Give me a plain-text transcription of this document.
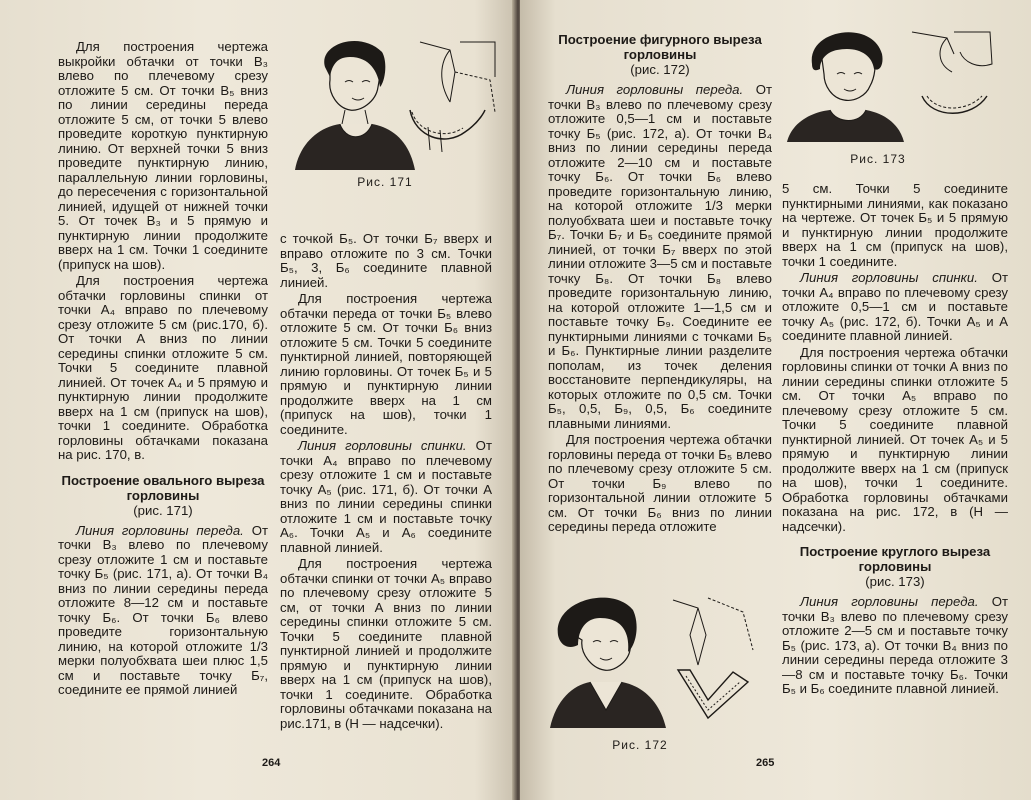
Для построения чертежа выкройки обтачки от точки В₃ влево по плечевому срезу отложите 5 см. От точки В₅ вниз по линии середины переда отложите 5 см, от точки 5 влево проведите короткую пунктирную линию. От верхней точки 5 вниз проведите пунктирную линию, параллельную линии горловины, до пересечения с горизонтальной линией, идущей от нижней точки 5. От точек В₃ и 5 прямую и пунктирную линии продолжите вверх на 1 см. Точки 1 соедините (припуск на шов).

Для построения чертежа обтачки горловины спинки от точки А₄ вправо по плечевому срезу отложите 5 см (рис.170, б). От точки А вниз по линии середины спинки отложите 5 см. Точки 5 соедините плавной линией. От точек А₄ и 5 прямую и пунктирную линии продолжите вверх на 1 см (припуск на шов), точки 1 соедините. Обработка горловины обтачками показана на рис. 170, в.

Построение овального выреза горловины
(рис. 171)

Линия горловины переда. От точки В₃ влево по плечевому срезу отложите 1 см и поставьте точку Б₅ (рис. 171, а). От точки В₄ вниз по линии середины переда отложите 8—12 см и поставьте точку Б₆. От точки Б₆ влево проведите горизонтальную линию, на которой отложите 1/3 мерки полуобхвата шеи плюс 1,5 см и поставьте точку Б₇, соедините ее прямой линией

Рис. 171

с точкой Б₅. От точки Б₇ вверх и вправо отложите по 3 см. Точки Б₅, 3, Б₆ соедините плавной линией.

Для построения чертежа обтачки переда от точки Б₅ влево отложите 5 см. От точки Б₆ вниз отложите 5 см. Точки 5 соедините пунктирной линией, повторяющей линию горловины. От точек Б₅ и 5 прямую и пунктирную линии продолжите вверх на 1 см (припуск на шов), точки 1 соедините.

Линия горловины спинки. От точки А₄ вправо по плечевому срезу отложите 1 см и поставьте точку А₅ (рис. 171, б). От точки А вниз по линии середины спинки отложите 1 см и поставьте точку А₆. Точки А₅ и А₆ соедините плавной линией.

Для построения чертежа обтачки спинки от точки А₅ вправо по плечевому срезу отложите 5 см, от точки А вниз по линии середины спинки отложите 5 см. Точки 5 соедините плавной пунктирной линией и продолжите прямую и пунктирную линии вверх на 1 см (припуск на шов), точки 1 соедините. Обработка горловины обтачками показана на рис.171, в (Н — надсечки).

264
Построение фигурного выреза горловины
(рис. 172)

Линия горловины переда. От точки В₃ влево по плечевому срезу отложите 0,5—1 см и поставьте точку Б₅ (рис. 172, а). От точки В₄ вниз по линии середины переда отложите 2—10 см и поставьте точку Б₆. От точки Б₆ влево проведите горизонтальную линию, на которой отложите 1/3 мерки полуобхвата шеи и поставьте точку Б₇. Точки Б₇ и Б₅ соедините прямой линией, от точки Б₇ вверх по этой линии отложите 3—5 см и поставьте точку Б₈. От точки Б₈ влево проведите горизонтальную линию, на которой отложите 1—1,5 см и поставьте точку Б₉. Соедините ее пунктирными линиями с точками Б₅ и Б₆. Пунктирные линии разделите пополам, из точек деления восстановите перпендикуляры, на которых отложите по 0,5 см. Точки Б₅, 0,5, Б₉, 0,5, Б₆ соедините плавными линиями.

Для построения чертежа обтачки горловины переда от точки Б₅ влево по плечевому срезу отложите 5 см. От точки Б₉ влево по горизонтальной линии отложите 5 см. От точки Б₆ вниз по линии середины переда отложите

Рис. 172
Рис. 173

5 см. Точки 5 соедините пунктирными линиями, как показано на чертеже. От точек Б₅ и 5 прямую и пунктирную линии продолжите вверх на 1 см (припуск на шов), точки 1 соедините.

Линия горловины спинки. От точки А₄ вправо по плечевому срезу отложите 0,5—1 см и поставьте точку А₅ (рис. 172, б). Точки А₅ и А соедините плавной линией.

Для построения чертежа обтачки горловины спинки от точки А вниз по линии середины спинки отложите 5 см. От точки А₅ вправо по плечевому срезу отложите 5 см. Точки 5 соедините плавной пунктирной линией. От точек А₅ и 5 прямую и пунктирную линии продолжите вверх на 1 см (припуск на шов), точки 1 соедините. Обработка горловины обтачками показана на рис. 172, в (Н — надсечки).

Построение круглого выреза горловины
(рис. 173)

Линия горловины переда. От точки В₃ влево по плечевому срезу отложите 2—5 см и поставьте точку Б₅ (рис. 173, а). От точки В₄ вниз по линии середины переда отложите 3—8 см и поставьте точку Б₆. Точки Б₅ и Б₆ соедините плавной линией.

265
